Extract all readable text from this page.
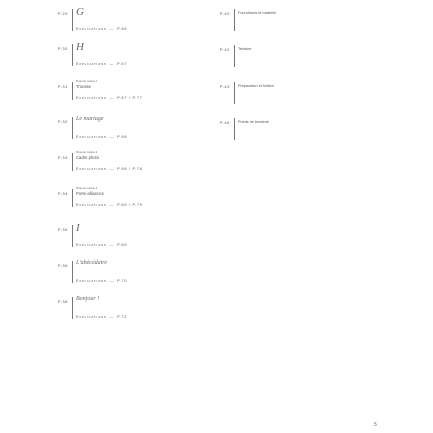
P.29 G
Explications — P.66
P.30 H
Explications — P.67
P.31
Projet de couture 1
Trousse
Explications — P.67 / P.77
P.32 Le mariage
Explications — P.68
P.33
Projet de couture 2
Cadre photo
Explications — P.68 / P.78
P.34
Projet de couture 3
Porte-alliances
Explications — P.69 / P.79
P.35 I
Explications — P.69
P.36 L'abécédaire
Explications — P.70
P.38 Bonjour !
Explications — P.72
P.40 Fournitures et matériel
P.42 Teinture
P.43 Préparation et finition
P.46 Points de broderie
5
